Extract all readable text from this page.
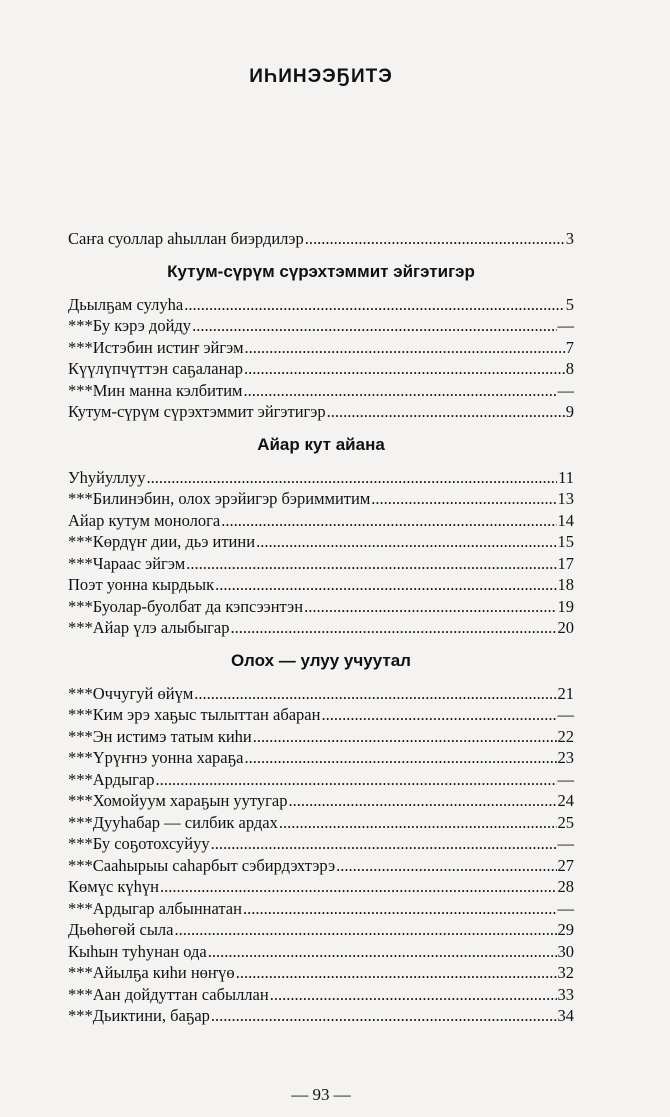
ИҺИНЭЭҔИТЭ
Саҥа суоллар аһыллан биэрдилэр .....	3
Кутум-сүрүм сүрэхтэммит эйгэтигэр
Дьылҕам сулуһа .....	5
***Бу кэрэ дойду .....	—
***Истэбин истиҥ эйгэм .....	7
Күүлүпчүттэн саҕаланар .....	8
***Мин манна кэлбитим .....	—
Кутум-сүрүм сүрэхтэммит эйгэтигэр .....	9
Айар кут айана
Уһуйуллуу .....	11
***Билинэбин, олох эрэйигэр бэриммитим .....	13
Айар кутум монолога .....	14
***Көрдүҥ дии, дьэ итини .....	15
***Чараас эйгэм .....	17
Поэт уонна кырдьык .....	18
***Буолар-буолбат да кэпсээнтэн .....	19
***Айар үлэ алыбыгар .....	20
Олох — улуу учуутал
***Оччугуй өйүм .....	21
***Ким эрэ хаҕыс тылыттан абаран .....	—
***Эн истимэ татым киһи .....	22
***Үрүҥнэ уонна хараҕа .....	23
***Ардыгар .....	—
***Хомойуум хараҕын уутугар .....	24
***Дууһабар — силбик ардах .....	25
***Бу соҕотохсуйуу .....	—
***Сааһырыы саһарбыт сэбирдэхтэрэ .....	27
Көмүс күһүн .....	28
***Ардыгар албыннатан .....	—
Дьөһөгөй сыла .....	29
Кыһын туһунан ода .....	30
***Айылҕа киһи нөҥүө .....	32
***Аан дойдуттан сабыллан .....	33
***Дьиктини, баҕар .....	34
— 93 —
